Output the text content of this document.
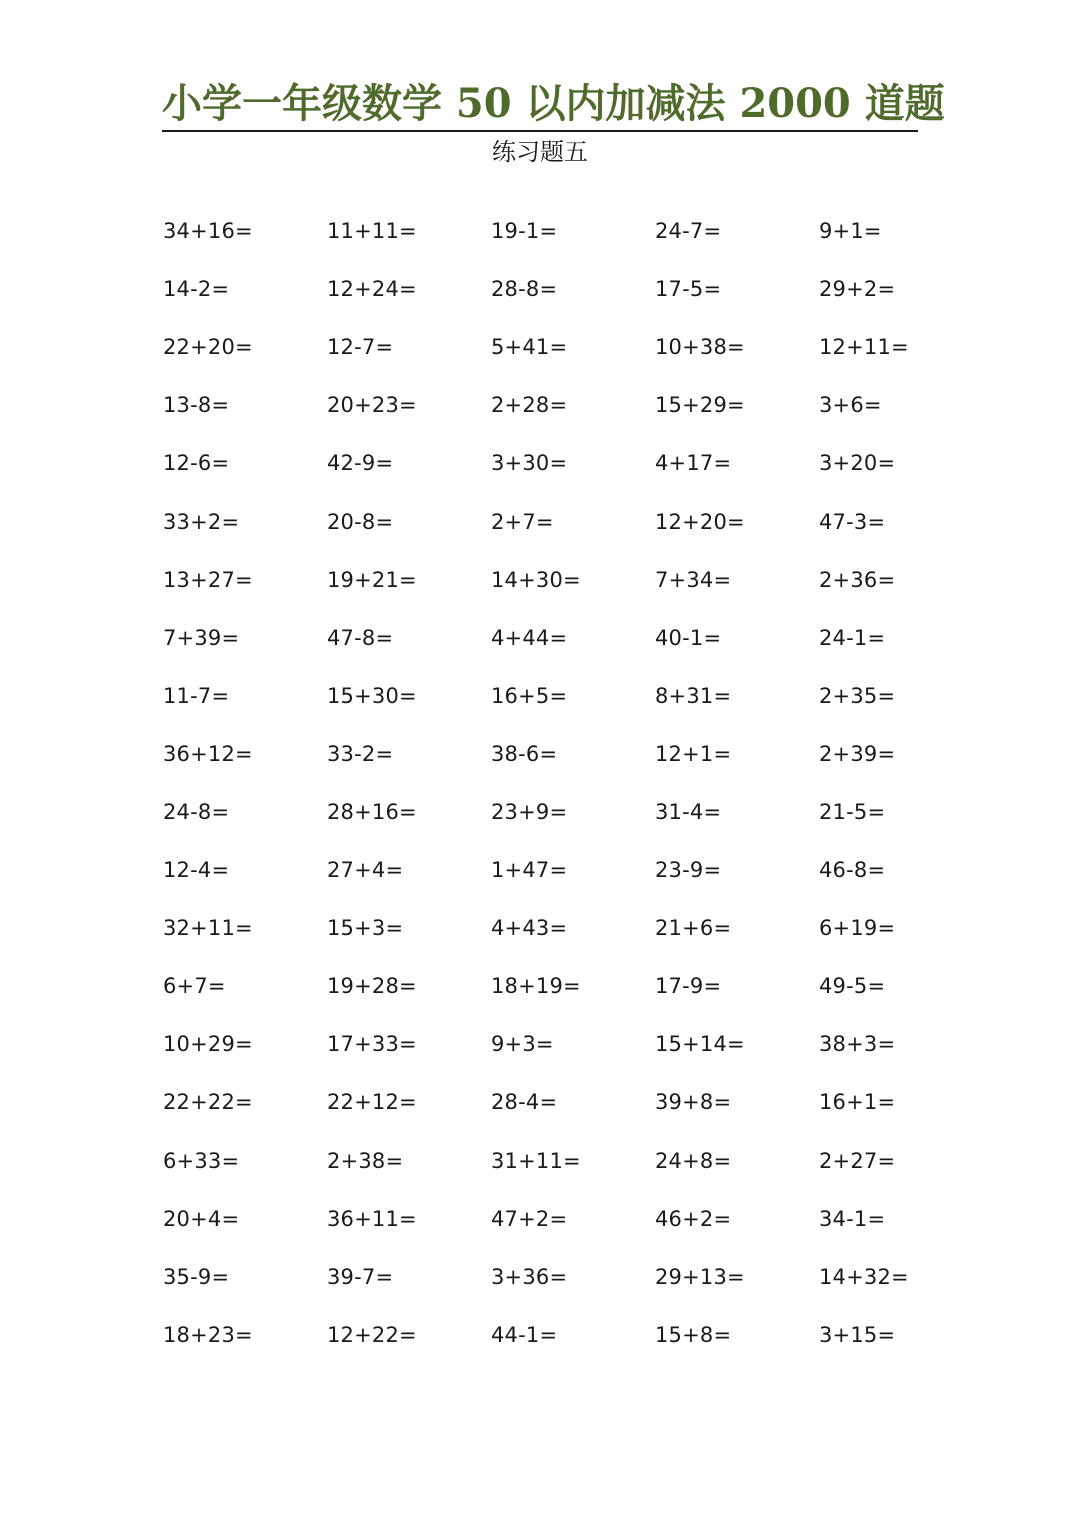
小学一年级数学 50 以内加减法 2000 道题
练习题五
34+16=	11+11=	19-1=	24-7=	9+1=
14-2=	12+24=	28-8=	17-5=	29+2=
22+20=	12-7=	5+41=	10+38=	12+11=
13-8=	20+23=	2+28=	15+29=	3+6=
12-6=	42-9=	3+30=	4+17=	3+20=
33+2=	20-8=	2+7=	12+20=	47-3=
13+27=	19+21=	14+30=	7+34=	2+36=
7+39=	47-8=	4+44=	40-1=	24-1=
11-7=	15+30=	16+5=	8+31=	2+35=
36+12=	33-2=	38-6=	12+1=	2+39=
24-8=	28+16=	23+9=	31-4=	21-5=
12-4=	27+4=	1+47=	23-9=	46-8=
32+11=	15+3=	4+43=	21+6=	6+19=
6+7=	19+28=	18+19=	17-9=	49-5=
10+29=	17+33=	9+3=	15+14=	38+3=
22+22=	22+12=	28-4=	39+8=	16+1=
6+33=	2+38=	31+11=	24+8=	2+27=
20+4=	36+11=	47+2=	46+2=	34-1=
35-9=	39-7=	3+36=	29+13=	14+32=
18+23=	12+22=	44-1=	15+8=	3+15=
